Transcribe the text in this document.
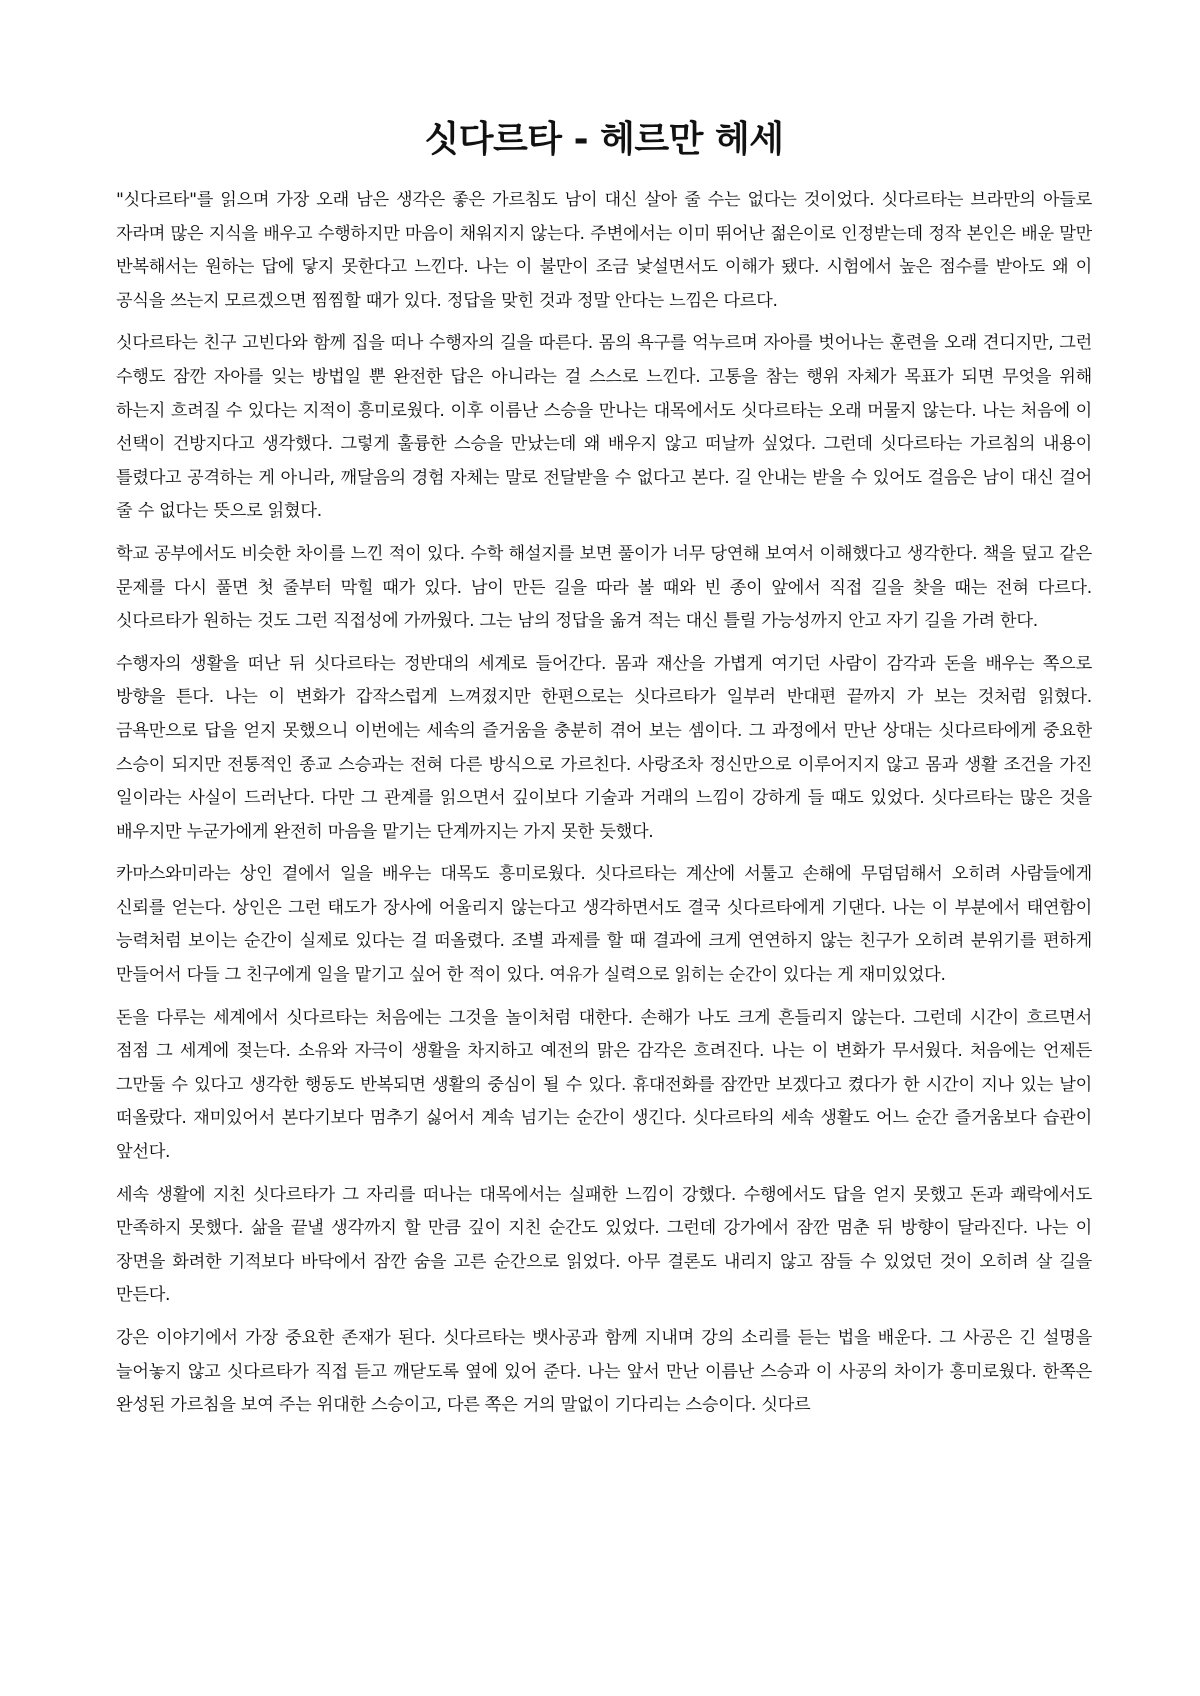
싯다르타 - 헤르만 헤세

"싯다르타"를 읽으며 가장 오래 남은 생각은 좋은 가르침도 남이 대신 살아 줄 수는 없다는 것이었다. 싯다르타는 브라만의 아들로 자라며 많은 지식을 배우고 수행하지만 마음이 채워지지 않는다. 주변에서는 이미 뛰어난 젊은이로 인정받는데 정작 본인은 배운 말만 반복해서는 원하는 답에 닿지 못한다고 느낀다. 나는 이 불만이 조금 낯설면서도 이해가 됐다. 시험에서 높은 점수를 받아도 왜 이 공식을 쓰는지 모르겠으면 찜찜할 때가 있다. 정답을 맞힌 것과 정말 안다는 느낌은 다르다.

싯다르타는 친구 고빈다와 함께 집을 떠나 수행자의 길을 따른다. 몸의 욕구를 억누르며 자아를 벗어나는 훈련을 오래 견디지만, 그런 수행도 잠깐 자아를 잊는 방법일 뿐 완전한 답은 아니라는 걸 스스로 느낀다. 고통을 참는 행위 자체가 목표가 되면 무엇을 위해 하는지 흐려질 수 있다는 지적이 흥미로웠다. 이후 이름난 스승을 만나는 대목에서도 싯다르타는 오래 머물지 않는다. 나는 처음에 이 선택이 건방지다고 생각했다. 그렇게 훌륭한 스승을 만났는데 왜 배우지 않고 떠날까 싶었다. 그런데 싯다르타는 가르침의 내용이 틀렸다고 공격하는 게 아니라, 깨달음의 경험 자체는 말로 전달받을 수 없다고 본다. 길 안내는 받을 수 있어도 걸음은 남이 대신 걸어 줄 수 없다는 뜻으로 읽혔다.

학교 공부에서도 비슷한 차이를 느낀 적이 있다. 수학 해설지를 보면 풀이가 너무 당연해 보여서 이해했다고 생각한다. 책을 덮고 같은 문제를 다시 풀면 첫 줄부터 막힐 때가 있다. 남이 만든 길을 따라 볼 때와 빈 종이 앞에서 직접 길을 찾을 때는 전혀 다르다. 싯다르타가 원하는 것도 그런 직접성에 가까웠다. 그는 남의 정답을 옮겨 적는 대신 틀릴 가능성까지 안고 자기 길을 가려 한다.

수행자의 생활을 떠난 뒤 싯다르타는 정반대의 세계로 들어간다. 몸과 재산을 가볍게 여기던 사람이 감각과 돈을 배우는 쪽으로 방향을 튼다. 나는 이 변화가 갑작스럽게 느껴졌지만 한편으로는 싯다르타가 일부러 반대편 끝까지 가 보는 것처럼 읽혔다. 금욕만으로 답을 얻지 못했으니 이번에는 세속의 즐거움을 충분히 겪어 보는 셈이다. 그 과정에서 만난 상대는 싯다르타에게 중요한 스승이 되지만 전통적인 종교 스승과는 전혀 다른 방식으로 가르친다. 사랑조차 정신만으로 이루어지지 않고 몸과 생활 조건을 가진 일이라는 사실이 드러난다. 다만 그 관계를 읽으면서 깊이보다 기술과 거래의 느낌이 강하게 들 때도 있었다. 싯다르타는 많은 것을 배우지만 누군가에게 완전히 마음을 맡기는 단계까지는 가지 못한 듯했다.

카마스와미라는 상인 곁에서 일을 배우는 대목도 흥미로웠다. 싯다르타는 계산에 서툴고 손해에 무덤덤해서 오히려 사람들에게 신뢰를 얻는다. 상인은 그런 태도가 장사에 어울리지 않는다고 생각하면서도 결국 싯다르타에게 기댄다. 나는 이 부분에서 태연함이 능력처럼 보이는 순간이 실제로 있다는 걸 떠올렸다. 조별 과제를 할 때 결과에 크게 연연하지 않는 친구가 오히려 분위기를 편하게 만들어서 다들 그 친구에게 일을 맡기고 싶어 한 적이 있다. 여유가 실력으로 읽히는 순간이 있다는 게 재미있었다.

돈을 다루는 세계에서 싯다르타는 처음에는 그것을 놀이처럼 대한다. 손해가 나도 크게 흔들리지 않는다. 그런데 시간이 흐르면서 점점 그 세계에 젖는다. 소유와 자극이 생활을 차지하고 예전의 맑은 감각은 흐려진다. 나는 이 변화가 무서웠다. 처음에는 언제든 그만둘 수 있다고 생각한 행동도 반복되면 생활의 중심이 될 수 있다. 휴대전화를 잠깐만 보겠다고 켰다가 한 시간이 지나 있는 날이 떠올랐다. 재미있어서 본다기보다 멈추기 싫어서 계속 넘기는 순간이 생긴다. 싯다르타의 세속 생활도 어느 순간 즐거움보다 습관이 앞선다.

세속 생활에 지친 싯다르타가 그 자리를 떠나는 대목에서는 실패한 느낌이 강했다. 수행에서도 답을 얻지 못했고 돈과 쾌락에서도 만족하지 못했다. 삶을 끝낼 생각까지 할 만큼 깊이 지친 순간도 있었다. 그런데 강가에서 잠깐 멈춘 뒤 방향이 달라진다. 나는 이 장면을 화려한 기적보다 바닥에서 잠깐 숨을 고른 순간으로 읽었다. 아무 결론도 내리지 않고 잠들 수 있었던 것이 오히려 살 길을 만든다.

강은 이야기에서 가장 중요한 존재가 된다. 싯다르타는 뱃사공과 함께 지내며 강의 소리를 듣는 법을 배운다. 그 사공은 긴 설명을 늘어놓지 않고 싯다르타가 직접 듣고 깨닫도록 옆에 있어 준다. 나는 앞서 만난 이름난 스승과 이 사공의 차이가 흥미로웠다. 한쪽은 완성된 가르침을 보여 주는 위대한 스승이고, 다른 쪽은 거의 말없이 기다리는 스승이다. 싯다르
